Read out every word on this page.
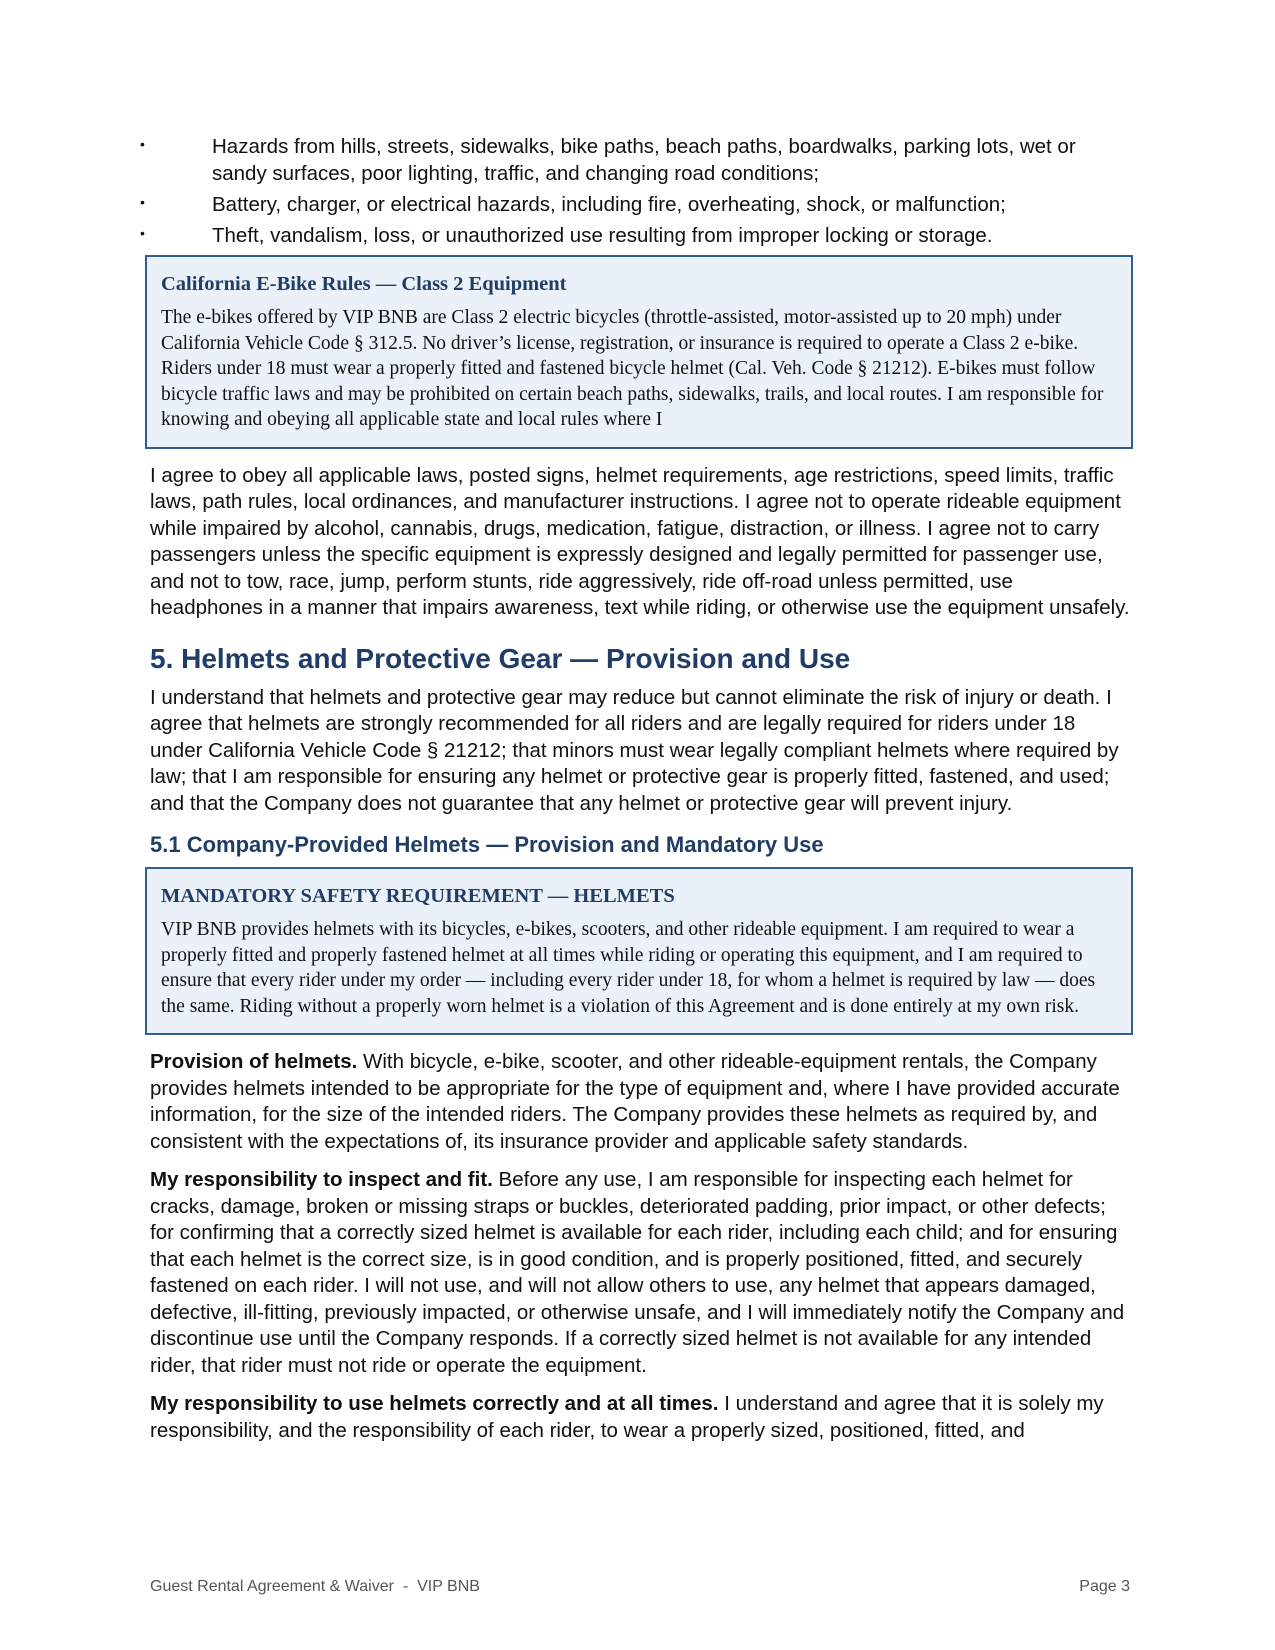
•	Hazards from hills, streets, sidewalks, bike paths, beach paths, boardwalks, parking lots, wet or sandy surfaces, poor lighting, traffic, and changing road conditions;
•	Battery, charger, or electrical hazards, including fire, overheating, shock, or malfunction;
•	Theft, vandalism, loss, or unauthorized use resulting from improper locking or storage.

California E-Bike Rules — Class 2 Equipment

The e-bikes offered by VIP BNB are Class 2 electric bicycles (throttle-assisted, motor-assisted up to 20 mph) under California Vehicle Code § 312.5. No driver’s license, registration, or insurance is required to operate a Class 2 e-bike. Riders under 18 must wear a properly fitted and fastened bicycle helmet (Cal. Veh. Code § 21212). E-bikes must follow bicycle traffic laws and may be prohibited on certain beach paths, sidewalks, trails, and local routes. I am responsible for knowing and obeying all applicable state and local rules where I

I agree to obey all applicable laws, posted signs, helmet requirements, age restrictions, speed limits, traffic laws, path rules, local ordinances, and manufacturer instructions. I agree not to operate rideable equipment while impaired by alcohol, cannabis, drugs, medication, fatigue, distraction, or illness. I agree not to carry passengers unless the specific equipment is expressly designed and legally permitted for passenger use, and not to tow, race, jump, perform stunts, ride aggressively, ride off-road unless permitted, use headphones in a manner that impairs awareness, text while riding, or otherwise use the equipment unsafely.

5. Helmets and Protective Gear — Provision and Use

I understand that helmets and protective gear may reduce but cannot eliminate the risk of injury or death. I agree that helmets are strongly recommended for all riders and are legally required for riders under 18 under California Vehicle Code § 21212; that minors must wear legally compliant helmets where required by law; that I am responsible for ensuring any helmet or protective gear is properly fitted, fastened, and used; and that the Company does not guarantee that any helmet or protective gear will prevent injury.

5.1 Company-Provided Helmets — Provision and Mandatory Use

MANDATORY SAFETY REQUIREMENT — HELMETS

VIP BNB provides helmets with its bicycles, e-bikes, scooters, and other rideable equipment. I am required to wear a properly fitted and properly fastened helmet at all times while riding or operating this equipment, and I am required to ensure that every rider under my order — including every rider under 18, for whom a helmet is required by law — does the same. Riding without a properly worn helmet is a violation of this Agreement and is done entirely at my own risk.

Provision of helmets. With bicycle, e-bike, scooter, and other rideable-equipment rentals, the Company provides helmets intended to be appropriate for the type of equipment and, where I have provided accurate information, for the size of the intended riders. The Company provides these helmets as required by, and consistent with the expectations of, its insurance provider and applicable safety standards.

My responsibility to inspect and fit. Before any use, I am responsible for inspecting each helmet for cracks, damage, broken or missing straps or buckles, deteriorated padding, prior impact, or other defects; for confirming that a correctly sized helmet is available for each rider, including each child; and for ensuring that each helmet is the correct size, is in good condition, and is properly positioned, fitted, and securely fastened on each rider. I will not use, and will not allow others to use, any helmet that appears damaged, defective, ill-fitting, previously impacted, or otherwise unsafe, and I will immediately notify the Company and discontinue use until the Company responds. If a correctly sized helmet is not available for any intended rider, that rider must not ride or operate the equipment.

My responsibility to use helmets correctly and at all times. I understand and agree that it is solely my responsibility, and the responsibility of each rider, to wear a properly sized, positioned, fitted, and

Guest Rental Agreement & Waiver  -  VIP BNB	Page 3
